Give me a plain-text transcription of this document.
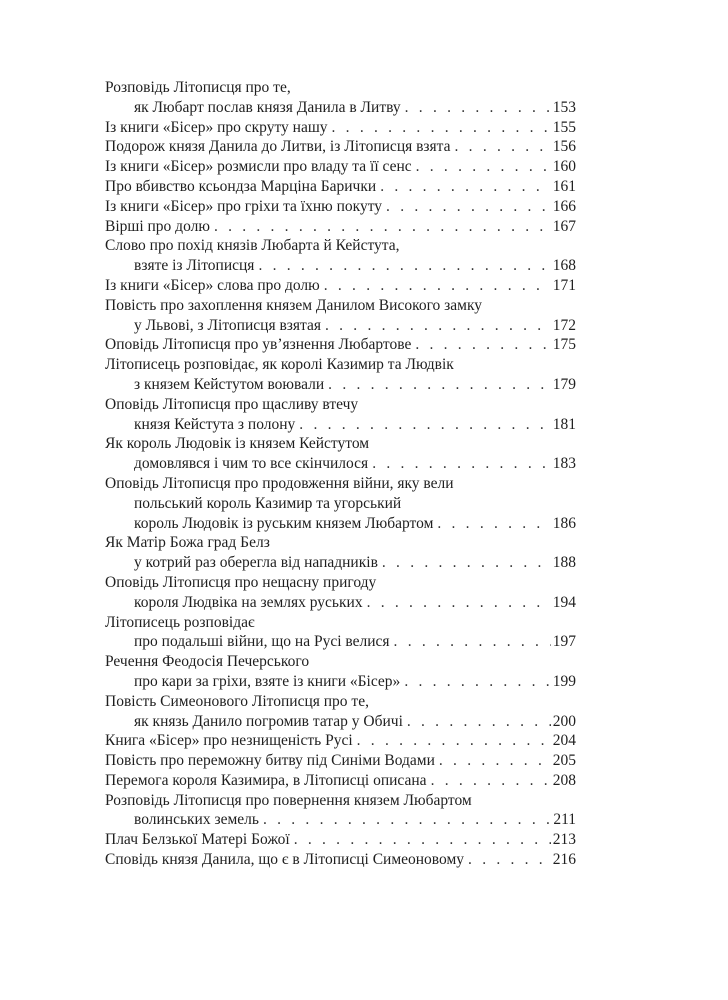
Розповідь Літописця про те,
як Любарт послав князя Данила в Литву . . .	153
Із книги «Бісер» про скруту нашу . . .	155
Подорож князя Данила до Литви, із Літописця взята . . .	156
Із книги «Бісер» розмисли про владу та її сенс . . .	160
Про вбивство ксьондза Марціна Барички . . .	161
Із книги «Бісер» про гріхи та їхню покуту . . .	166
Вірші про долю . . .	167
Слово про похід князів Любарта й Кейстута,
взяте із Літописця . . .	168
Із книги «Бісер» слова про долю . . .	171
Повість про захоплення князем Данилом Високого замку
у Львові, з Літописця взятая . . .	172
Оповідь Літописця про ув’язнення Любартове . . .	175
Літописець розповідає, як королі Казимир та Людвік
з князем Кейстутом воювали . . .	179
Оповідь Літописця про щасливу втечу
князя Кейстута з полону . . .	181
Як король Людовік із князем Кейстутом
домовлявся і чим то все скінчилося . . .	183
Оповідь Літописця про продовження війни, яку вели
польський король Казимир та угорський
король Людовік із руським князем Любартом . . .	186
Як Матір Божа град Белз
у котрий раз оберегла від нападників . . .	188
Оповідь Літописця про нещасну пригоду
короля Людвіка на землях руських . . .	194
Літописець розповідає
про подальші війни, що на Русі велися . . .	197
Речення Феодосія Печерського
про кари за гріхи, взяте із книги «Бісер» . . .	199
Повість Симеонового Літописця про те,
як князь Данило погромив татар у Обичі . . .	200
Книга «Бісер» про незнищеність Русі . . .	204
Повість про переможну битву під Синіми Водами . . .	205
Перемога короля Казимира, в Літописці описана . . .	208
Розповідь Літописця про повернення князем Любартом
волинських земель . . .	211
Плач Белзької Матері Божої . . .	213
Сповідь князя Данила, що є в Літописці Симеоновому . . .	216
